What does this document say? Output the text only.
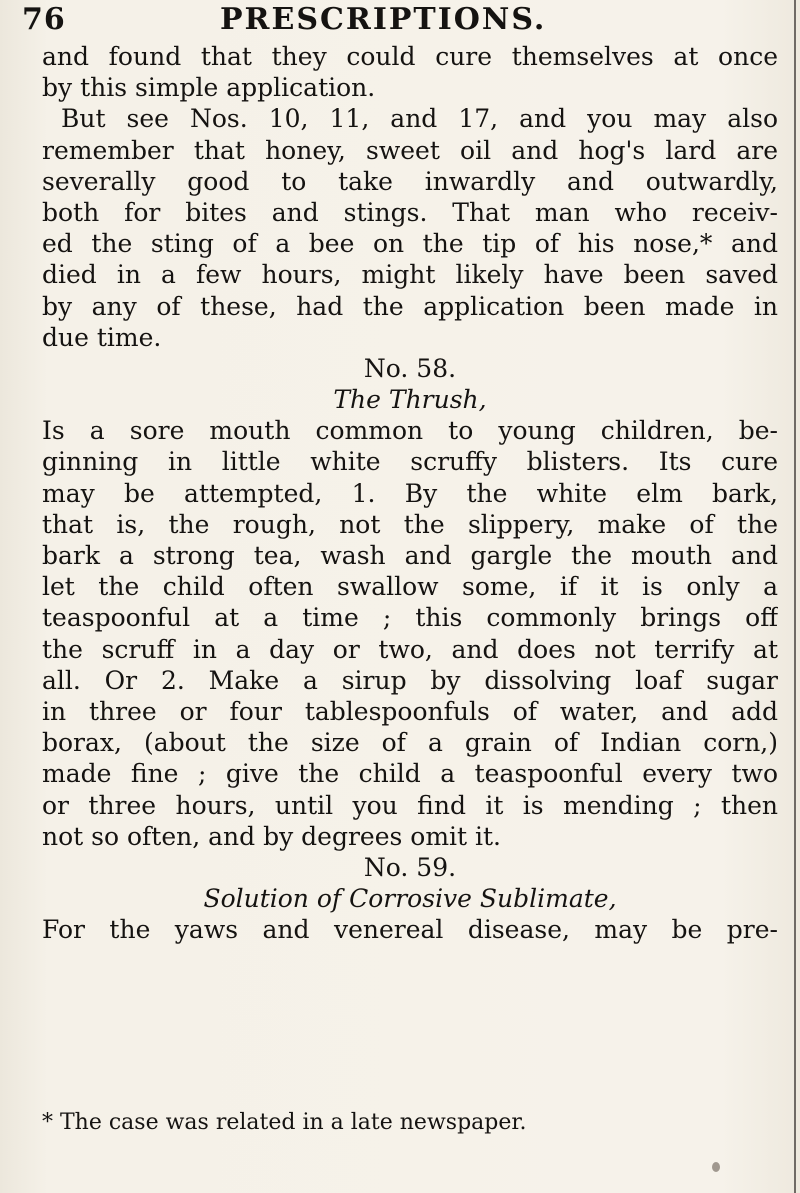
76	PRESCRIPTIONS.
and found that they could cure themselves at once
by this simple application.
But see Nos. 10, 11, and 17, and you may also
remember that honey, sweet oil and hog's lard are
severally good to take inwardly and outwardly,
both for bites and stings. That man who receiv-
ed the sting of a bee on the tip of his nose,* and
died in a few hours, might likely have been saved
by any of these, had the application been made in
due time.
No. 58.
The Thrush,
Is a sore mouth common to young children, be-
ginning in little white scruffy blisters. Its cure
may be attempted, 1. By the white elm bark,
that is, the rough, not the slippery, make of the
bark a strong tea, wash and gargle the mouth and
let the child often swallow some, if it is only a
teaspoonful at a time ; this commonly brings off
the scruff in a day or two, and does not terrify at
all. Or 2. Make a sirup by dissolving loaf sugar
in three or four tablespoonfuls of water, and add
borax, (about the size of a grain of Indian corn,)
made fine ; give the child a teaspoonful every two
or three hours, until you find it is mending ; then
not so often, and by degrees omit it.
No. 59.
Solution of Corrosive Sublimate,
For the yaws and venereal disease, may be pre-
* The case was related in a late newspaper.
